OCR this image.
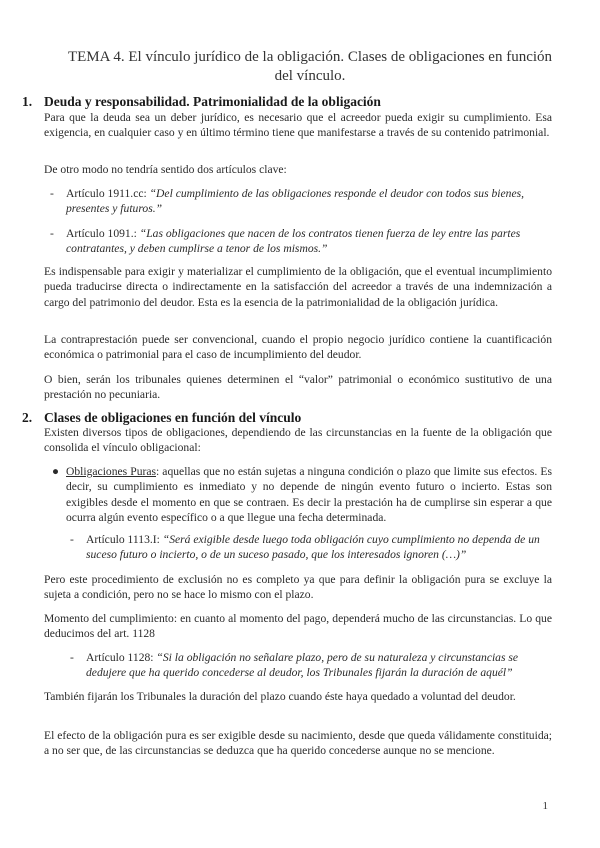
TEMA 4. El vínculo jurídico de la obligación. Clases de obligaciones en función del vínculo.
1. Deuda y responsabilidad. Patrimonialidad de la obligación
Para que la deuda sea un deber jurídico, es necesario que el acreedor pueda exigir su cumplimiento. Esa exigencia, en cualquier caso y en último término tiene que manifestarse a través de su contenido patrimonial.
De otro modo no tendría sentido dos artículos clave:
- Artículo 1911.cc: “Del cumplimiento de las obligaciones responde el deudor con todos sus bienes, presentes y futuros.”
- Artículo 1091.: “Las obligaciones que nacen de los contratos tienen fuerza de ley entre las partes contratantes, y deben cumplirse a tenor de los mismos.”
Es indispensable para exigir y materializar el cumplimiento de la obligación, que el eventual incumplimiento pueda traducirse directa o indirectamente en la satisfacción del acreedor a través de una indemnización a cargo del patrimonio del deudor. Esta es la esencia de la patrimonialidad de la obligación jurídica.
La contraprestación puede ser convencional, cuando el propio negocio jurídico contiene la cuantificación económica o patrimonial para el caso de incumplimiento del deudor.
O bien, serán los tribunales quienes determinen el “valor” patrimonial o económico sustitutivo de una prestación no pecuniaria.
2. Clases de obligaciones en función del vínculo
Existen diversos tipos de obligaciones, dependiendo de las circunstancias en la fuente de la obligación que consolida el vínculo obligacional:
● Obligaciones Puras: aquellas que no están sujetas a ninguna condición o plazo que limite sus efectos. Es decir, su cumplimiento es inmediato y no depende de ningún evento futuro o incierto. Estas son exigibles desde el momento en que se contraen. Es decir la prestación ha de cumplirse sin esperar a que ocurra algún evento específico o a que llegue una fecha determinada.
- Artículo 1113.I: “Será exigible desde luego toda obligación cuyo cumplimiento no dependa de un suceso futuro o incierto, o de un suceso pasado, que los interesados ignoren (…)”
Pero este procedimiento de exclusión no es completo ya que para definir la obligación pura se excluye la sujeta a condición, pero no se hace lo mismo con el plazo.
Momento del cumplimiento: en cuanto al momento del pago, dependerá mucho de las circunstancias. Lo que deducimos del art. 1128
- Artículo 1128: “Si la obligación no señalare plazo, pero de su naturaleza y circunstancias se dedujere que ha querido concederse al deudor, los Tribunales fijarán la duración de aquél”
También fijarán los Tribunales la duración del plazo cuando éste haya quedado a voluntad del deudor.
El efecto de la obligación pura es ser exigible desde su nacimiento, desde que queda válidamente constituida; a no ser que, de las circunstancias se deduzca que ha querido concederse aunque no se mencione.
1
